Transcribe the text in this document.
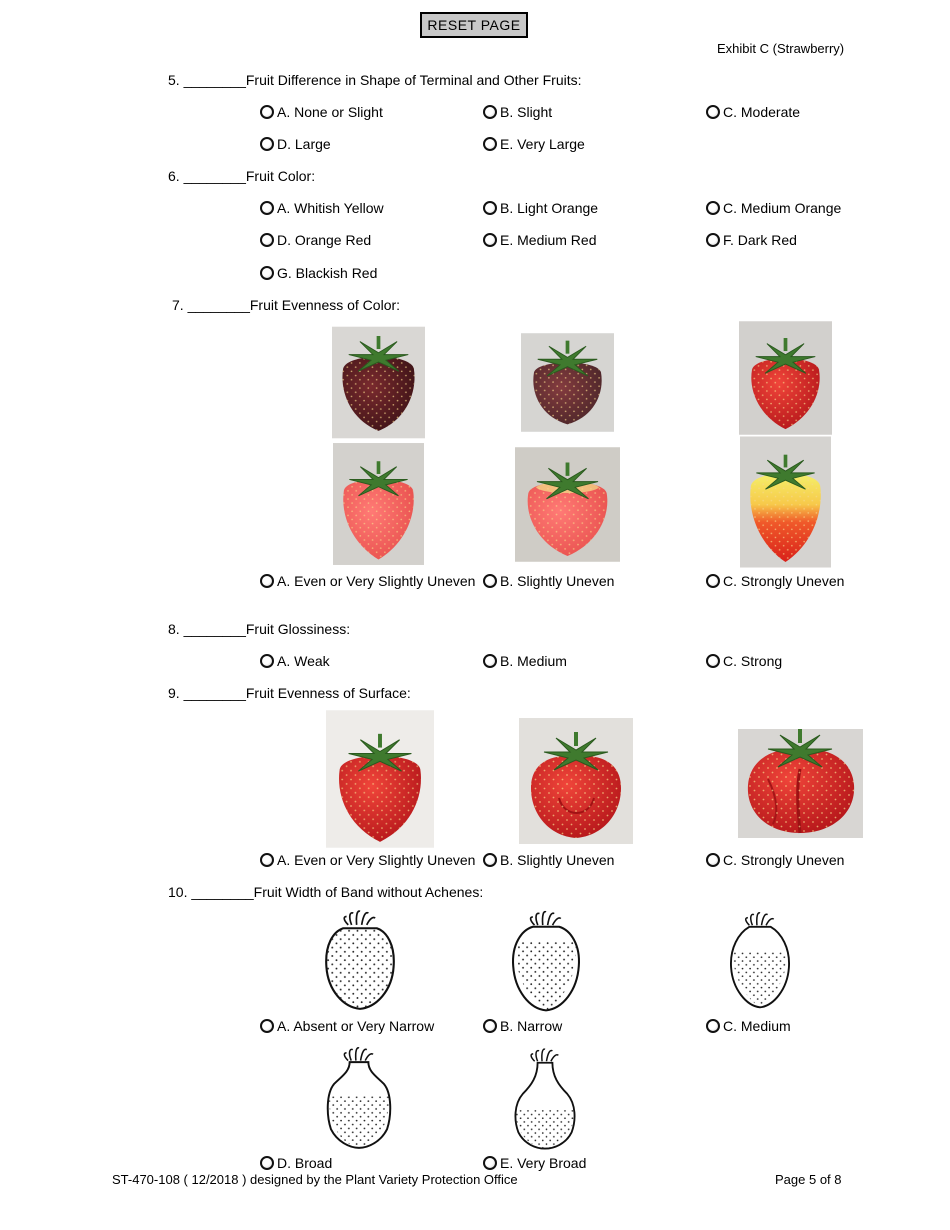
RESET PAGE
Exhibit C (Strawberry)
5. ________Fruit Difference in Shape of Terminal and Other Fruits:
A. None or Slight	B. Slight	C. Moderate
D. Large	E. Very Large
6. ________Fruit Color:
A. Whitish Yellow	B. Light Orange	C. Medium Orange
D. Orange Red	E. Medium Red	F. Dark Red
G. Blackish Red
7. ________Fruit Evenness of Color:
A. Even or Very Slightly Uneven B. Slightly Uneven	C. Strongly Uneven
8. ________Fruit Glossiness:
A. Weak	B. Medium	C. Strong
9. ________Fruit Evenness of Surface:
A. Even or Very Slightly Uneven B. Slightly Uneven	C. Strongly Uneven
10. ________Fruit Width of Band without Achenes:
A. Absent or Very Narrow	B. Narrow	C. Medium
D. Broad	E. Very Broad
ST-470-108 ( 12/2018 ) designed by the Plant Variety Protection Office	Page 5 of 8
